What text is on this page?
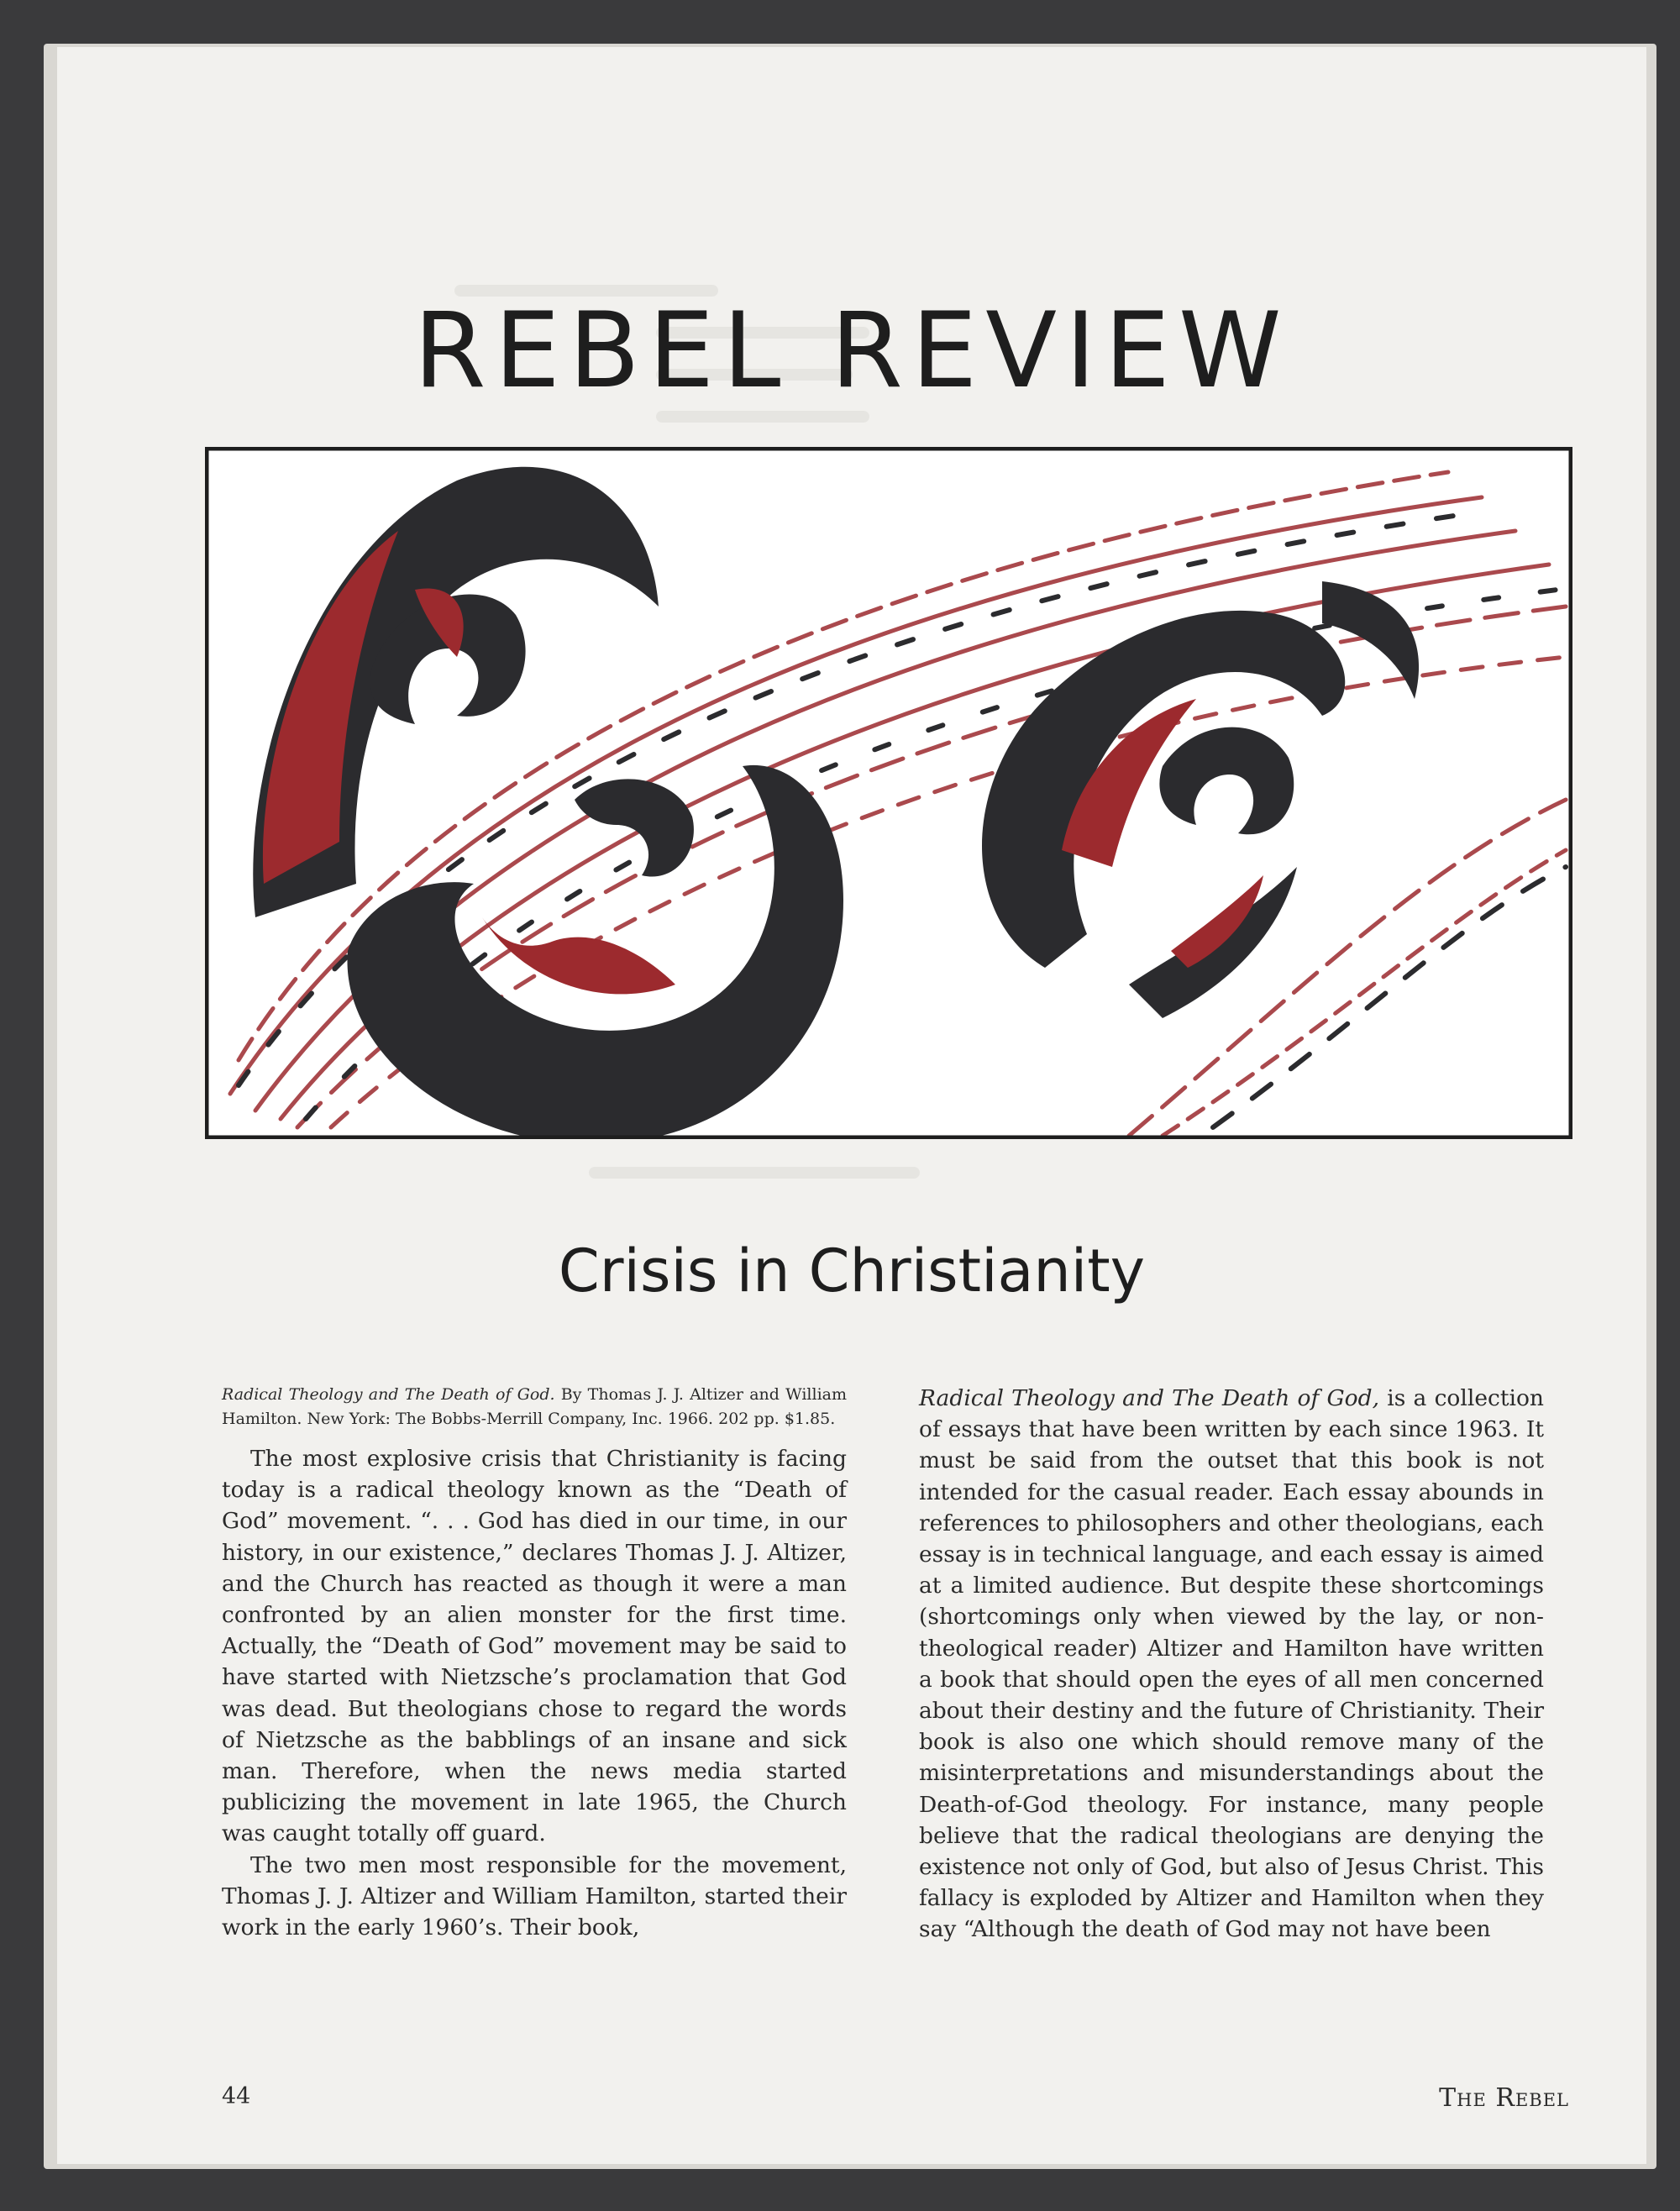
REBEL REVIEW
Crisis in Christianity

Radical Theology and The Death of God. By Thomas J. J. Altizer and William Hamilton. New York: The Bobbs-Merrill Company, Inc. 1966. 202 pp. $1.85.

The most explosive crisis that Christianity is facing today is a radical theology known as the “Death of God” movement. “. . . God has died in our time, in our history, in our existence,” declares Thomas J. J. Altizer, and the Church has reacted as though it were a man confronted by an alien monster for the first time. Actually, the “Death of God” movement may be said to have started with Nietzsche’s proclamation that God was dead. But theologians chose to regard the words of Nietzsche as the babblings of an insane and sick man. Therefore, when the news media started publicizing the movement in late 1965, the Church was caught totally off guard.

The two men most responsible for the movement, Thomas J. J. Altizer and William Hamilton, started their work in the early 1960’s. Their book,

Radical Theology and The Death of God, is a collection of essays that have been written by each since 1963. It must be said from the outset that this book is not intended for the casual reader. Each essay abounds in references to philosophers and other theologians, each essay is in technical language, and each essay is aimed at a limited audience. But despite these shortcomings (shortcomings only when viewed by the lay, or non-theological reader) Altizer and Hamilton have written a book that should open the eyes of all men concerned about their destiny and the future of Christianity. Their book is also one which should remove many of the misinterpretations and misunderstandings about the Death-of-God theology. For instance, many people believe that the radical theologians are denying the existence not only of God, but also of Jesus Christ. This fallacy is exploded by Altizer and Hamilton when they say “Although the death of God may not have been

44	The Rebel
